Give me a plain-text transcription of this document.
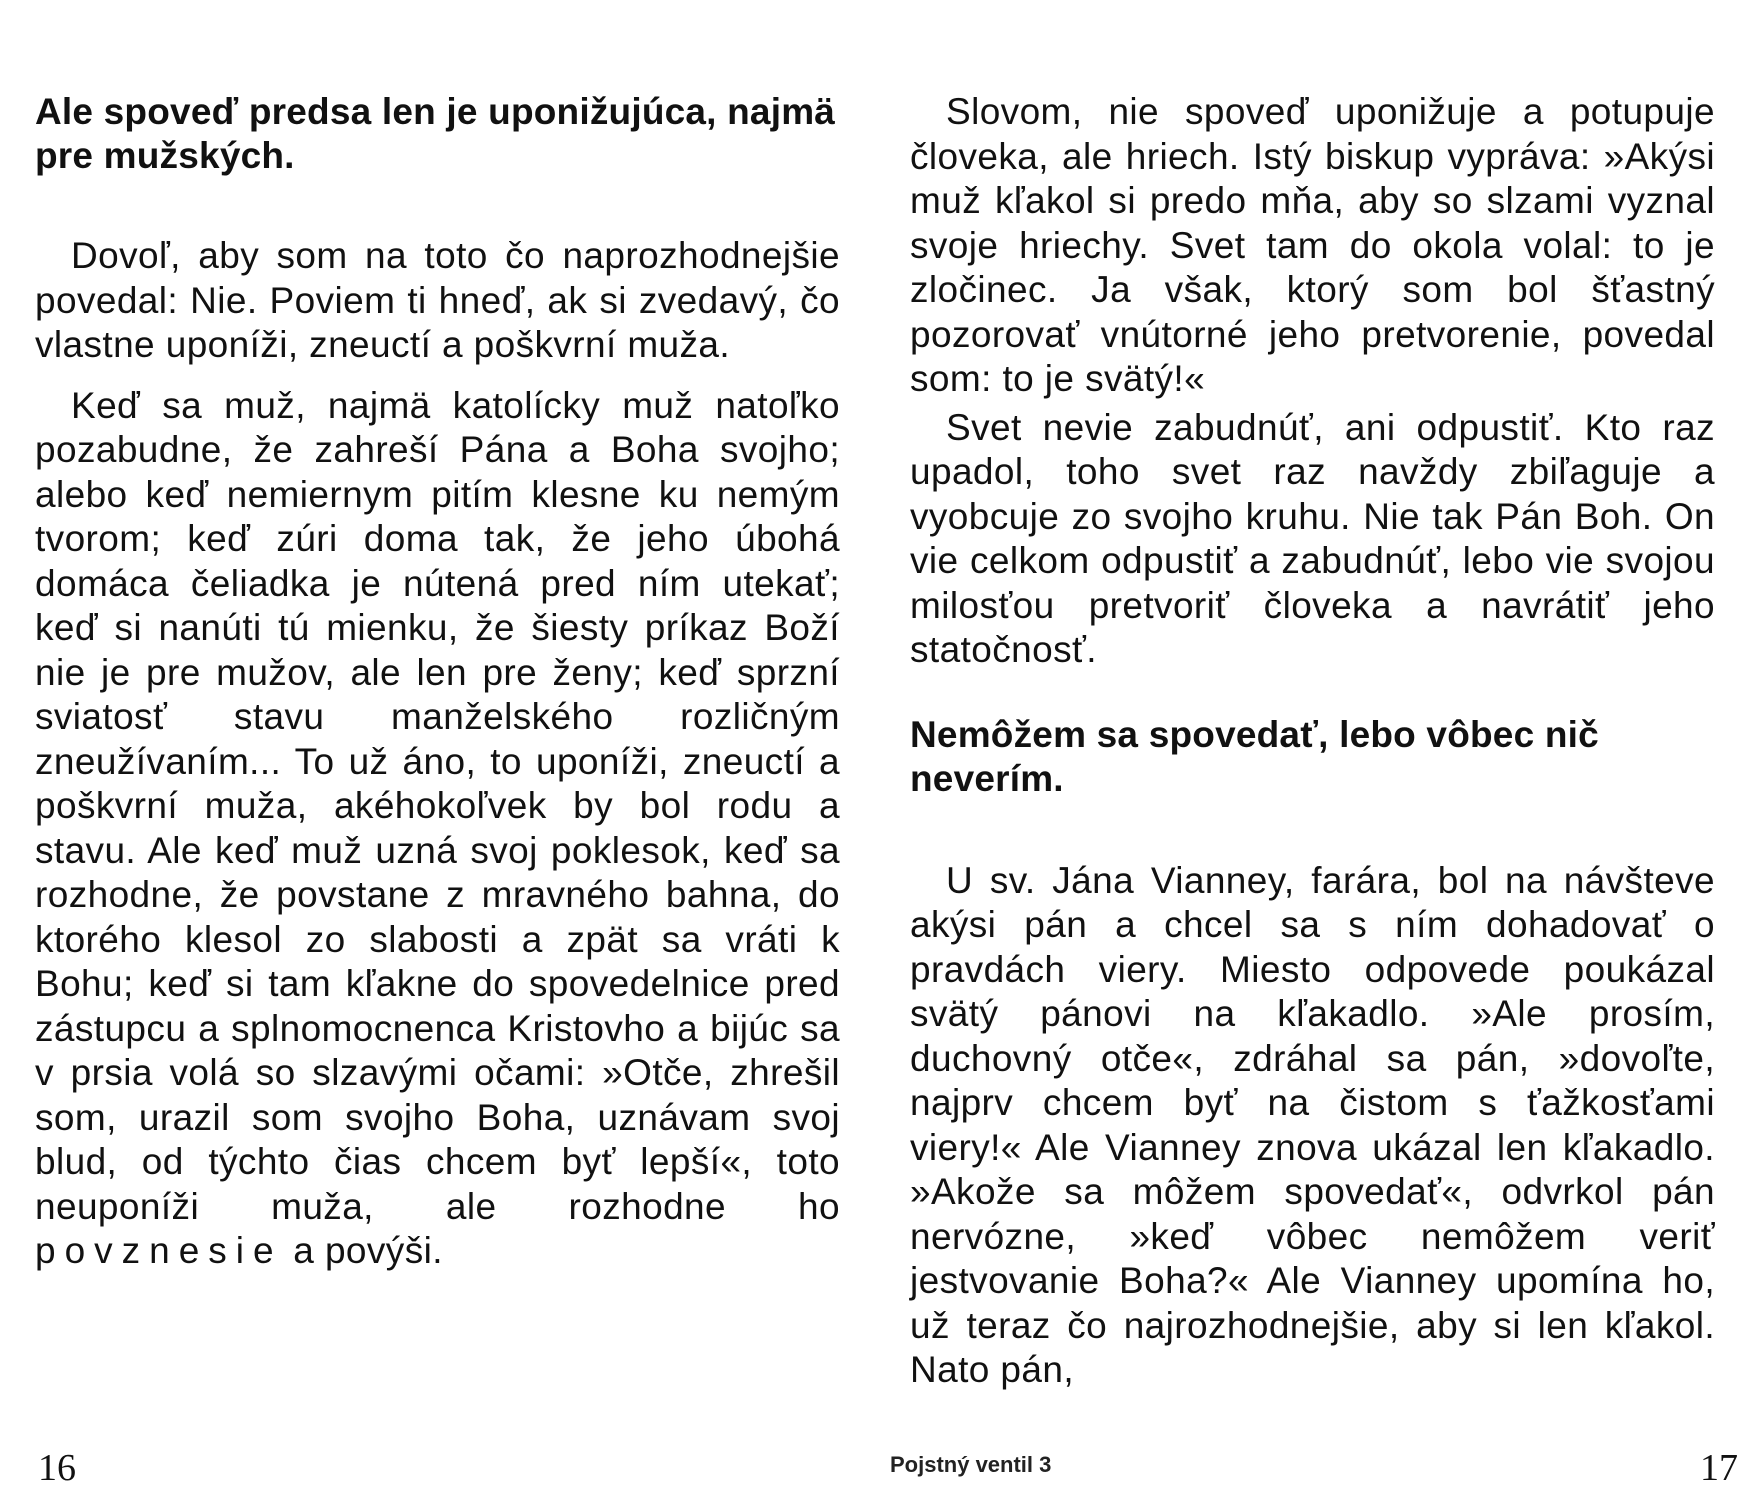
Ale spoveď predsa len je uponižujúca, najmä pre mužských.

Dovoľ, aby som na toto čo naprozhodnejšie povedal: Nie. Poviem ti hneď, ak si zvedavý, čo vlastne uponíži, zneuctí a poškvrní muža.

Keď sa muž, najmä katolícky muž natoľko pozabudne, že zahreší Pána a Boha svojho; alebo keď nemiernym pitím klesne ku nemým tvorom; keď zúri doma tak, že jeho úbohá domáca čeliadka je nútená pred ním utekať; keď si nanúti tú mienku, že šiesty príkaz Boží nie je pre mužov, ale len pre ženy; keď sprzní sviatosť stavu manželského rozličným zneužívaním... To už áno, to uponíži, zneuctí a poškvrní muža, akéhokoľvek by bol rodu a stavu. Ale keď muž uzná svoj poklesok, keď sa rozhodne, že povstane z mravného bahna, do ktorého klesol zo slabosti a zpät sa vráti k Bohu; keď si tam kľakne do spovedelnice pred zástupcu a splnomocnenca Kristovho a bijúc sa v prsia volá so slzavými očami: »Otče, zhrešil som, urazil som svojho Boha, uznávam svoj blud, od týchto čias chcem byť lepší«, toto neuponíži muža, ale rozhodne ho povznesie a povýši.

Slovom, nie spoveď uponižuje a potupuje človeka, ale hriech. Istý biskup vypráva: »Akýsi muž kľakol si predo mňa, aby so slzami vyznal svoje hriechy. Svet tam do okola volal: to je zločinec. Ja však, ktorý som bol šťastný pozorovať vnútorné jeho pretvorenie, povedal som: to je svätý!«

Svet nevie zabudnúť, ani odpustiť. Kto raz upadol, toho svet raz navždy zbiľaguje a vyobcuje zo svojho kruhu. Nie tak Pán Boh. On vie celkom odpustiť a zabudnúť, lebo vie svojou milosťou pretvoriť človeka a navrátiť jeho statočnosť.

Nemôžem sa spovedať, lebo vôbec nič neverím.

U sv. Jána Vianney, farára, bol na návšteve akýsi pán a chcel sa s ním dohadovať o pravdách viery. Miesto odpovede poukázal svätý pánovi na kľakadlo. »Ale prosím, duchovný otče«, zdráhal sa pán, »dovoľte, najprv chcem byť na čistom s ťažkosťami viery!« Ale Vianney znova ukázal len kľakadlo. »Akože sa môžem spovedať«, odvrkol pán nervózne, »keď vôbec nemôžem veriť jestvovanie Boha?« Ale Vianney upomína ho, už teraz čo najrozhodnejšie, aby si len kľakol. Nato pán,

16	Pojstný ventil 3	17
